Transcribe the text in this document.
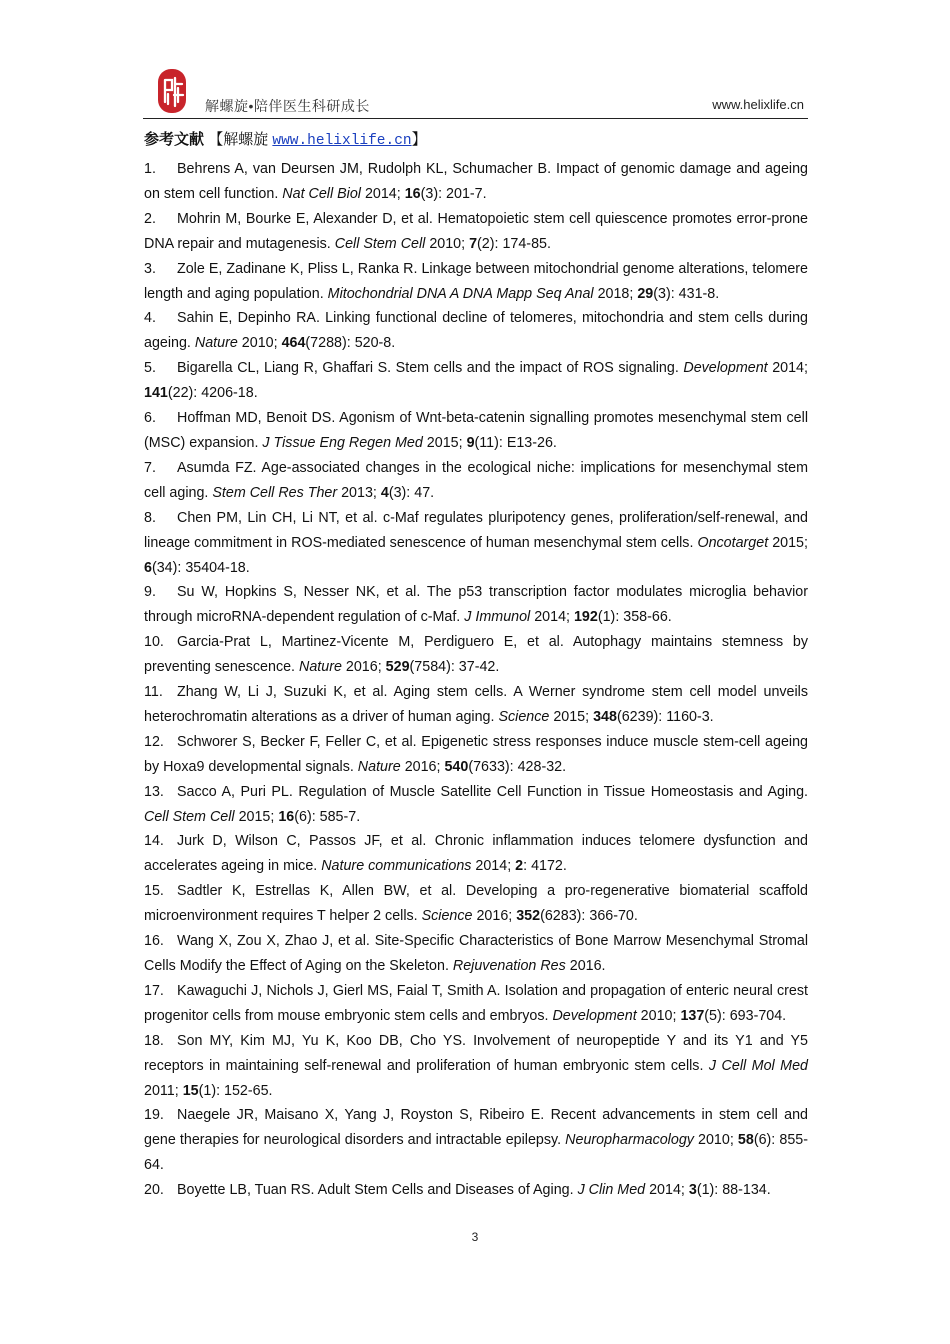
解螺旋•陪伴医生科研成长	www.helixlife.cn
参考文献 【解螺旋 www.helixlife.cn】
1. Behrens A, van Deursen JM, Rudolph KL, Schumacher B. Impact of genomic damage and ageing on stem cell function. Nat Cell Biol 2014; 16(3): 201-7.
2. Mohrin M, Bourke E, Alexander D, et al. Hematopoietic stem cell quiescence promotes error-prone DNA repair and mutagenesis. Cell Stem Cell 2010; 7(2): 174-85.
3. Zole E, Zadinane K, Pliss L, Ranka R. Linkage between mitochondrial genome alterations, telomere length and aging population. Mitochondrial DNA A DNA Mapp Seq Anal 2018; 29(3): 431-8.
4. Sahin E, Depinho RA. Linking functional decline of telomeres, mitochondria and stem cells during ageing. Nature 2010; 464(7288): 520-8.
5. Bigarella CL, Liang R, Ghaffari S. Stem cells and the impact of ROS signaling. Development 2014; 141(22): 4206-18.
6. Hoffman MD, Benoit DS. Agonism of Wnt-beta-catenin signalling promotes mesenchymal stem cell (MSC) expansion. J Tissue Eng Regen Med 2015; 9(11): E13-26.
7. Asumda FZ. Age-associated changes in the ecological niche: implications for mesenchymal stem cell aging. Stem Cell Res Ther 2013; 4(3): 47.
8. Chen PM, Lin CH, Li NT, et al. c-Maf regulates pluripotency genes, proliferation/self-renewal, and lineage commitment in ROS-mediated senescence of human mesenchymal stem cells. Oncotarget 2015; 6(34): 35404-18.
9. Su W, Hopkins S, Nesser NK, et al. The p53 transcription factor modulates microglia behavior through microRNA-dependent regulation of c-Maf. J Immunol 2014; 192(1): 358-66.
10. Garcia-Prat L, Martinez-Vicente M, Perdiguero E, et al. Autophagy maintains stemness by preventing senescence. Nature 2016; 529(7584): 37-42.
11. Zhang W, Li J, Suzuki K, et al. Aging stem cells. A Werner syndrome stem cell model unveils heterochromatin alterations as a driver of human aging. Science 2015; 348(6239): 1160-3.
12. Schworer S, Becker F, Feller C, et al. Epigenetic stress responses induce muscle stem-cell ageing by Hoxa9 developmental signals. Nature 2016; 540(7633): 428-32.
13. Sacco A, Puri PL. Regulation of Muscle Satellite Cell Function in Tissue Homeostasis and Aging. Cell Stem Cell 2015; 16(6): 585-7.
14. Jurk D, Wilson C, Passos JF, et al. Chronic inflammation induces telomere dysfunction and accelerates ageing in mice. Nature communications 2014; 2: 4172.
15. Sadtler K, Estrellas K, Allen BW, et al. Developing a pro-regenerative biomaterial scaffold microenvironment requires T helper 2 cells. Science 2016; 352(6283): 366-70.
16. Wang X, Zou X, Zhao J, et al. Site-Specific Characteristics of Bone Marrow Mesenchymal Stromal Cells Modify the Effect of Aging on the Skeleton. Rejuvenation Res 2016.
17. Kawaguchi J, Nichols J, Gierl MS, Faial T, Smith A. Isolation and propagation of enteric neural crest progenitor cells from mouse embryonic stem cells and embryos. Development 2010; 137(5): 693-704.
18. Son MY, Kim MJ, Yu K, Koo DB, Cho YS. Involvement of neuropeptide Y and its Y1 and Y5 receptors in maintaining self-renewal and proliferation of human embryonic stem cells. J Cell Mol Med 2011; 15(1): 152-65.
19. Naegele JR, Maisano X, Yang J, Royston S, Ribeiro E. Recent advancements in stem cell and gene therapies for neurological disorders and intractable epilepsy. Neuropharmacology 2010; 58(6): 855-64.
20. Boyette LB, Tuan RS. Adult Stem Cells and Diseases of Aging. J Clin Med 2014; 3(1): 88-134.
3
